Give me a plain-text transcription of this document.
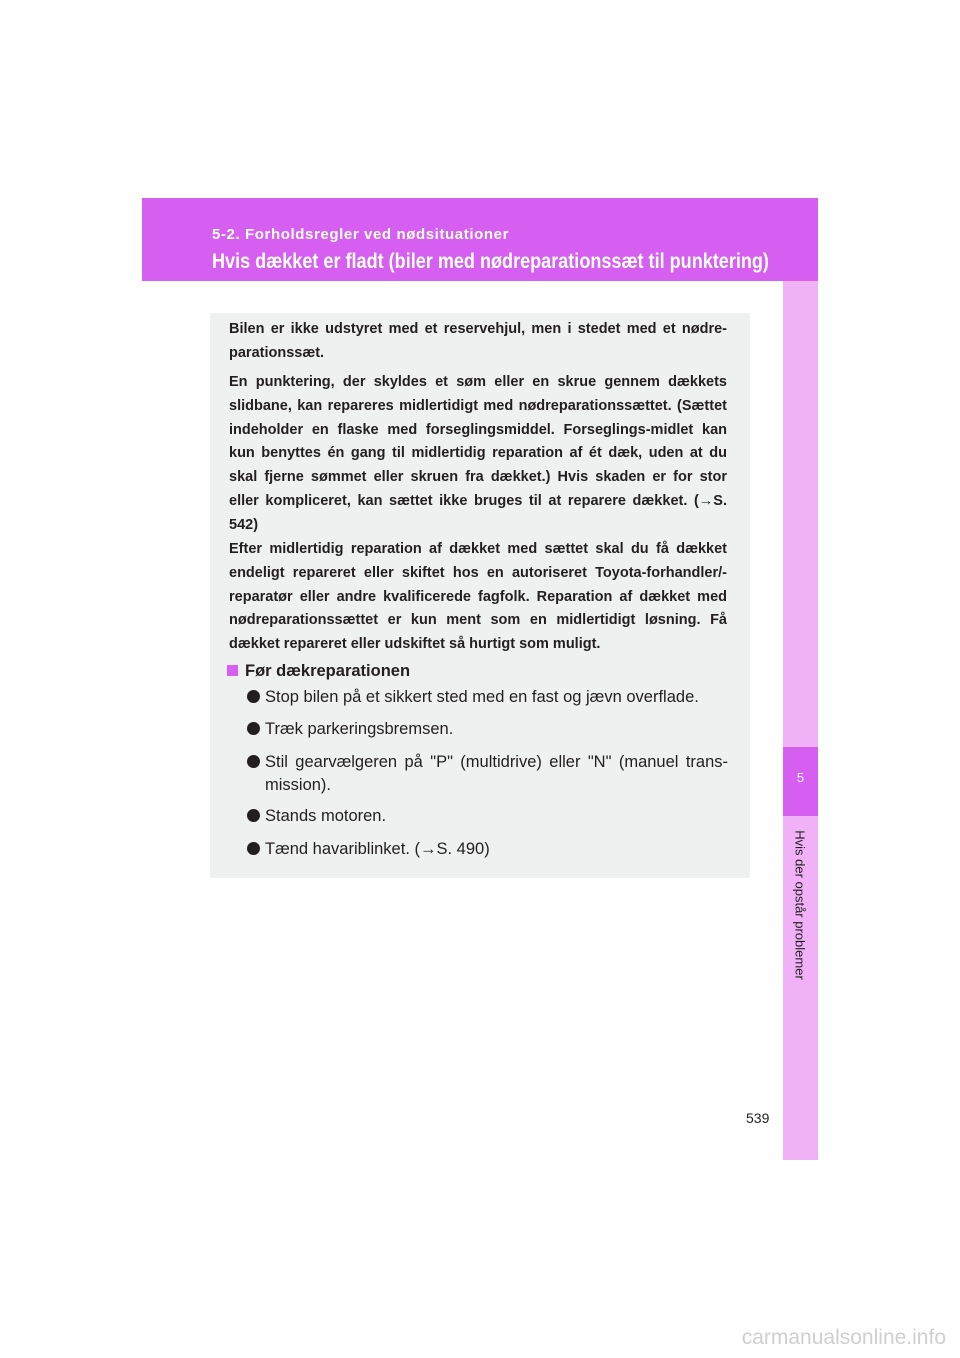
5-2. Forholdsregler ved nødsituationer
Hvis dækket er fladt (biler med nødreparationssæt til punktering)
5
Hvis der opstår problemer

Bilen er ikke udstyret med et reservehjul, men i stedet med et nødre-parationssæt.

En punktering, der skyldes et søm eller en skrue gennem dækkets slidbane, kan repareres midlertidigt med nødreparationssættet. (Sættet indeholder en flaske med forseglingsmiddel. Forseglings-midlet kan kun benyttes én gang til midlertidig reparation af ét dæk, uden at du skal fjerne sømmet eller skruen fra dækket.) Hvis skaden er for stor eller kompliceret, kan sættet ikke bruges til at reparere dækket. (→S. 542)

Efter midlertidig reparation af dækket med sættet skal du få dækket endeligt repareret eller skiftet hos en autoriseret Toyota-forhandler/-reparatør eller andre kvalificerede fagfolk. Reparation af dækket med nødreparationssættet er kun ment som en midlertidigt løsning. Få dækket repareret eller udskiftet så hurtigt som muligt.

Før dækreparationen
Stop bilen på et sikkert sted med en fast og jævn overflade.
Træk parkeringsbremsen.
Stil gearvælgeren på "P" (multidrive) eller "N" (manuel trans-mission).
Stands motoren.
Tænd havariblinket. (→S. 490)
539
carmanualsonline.info
